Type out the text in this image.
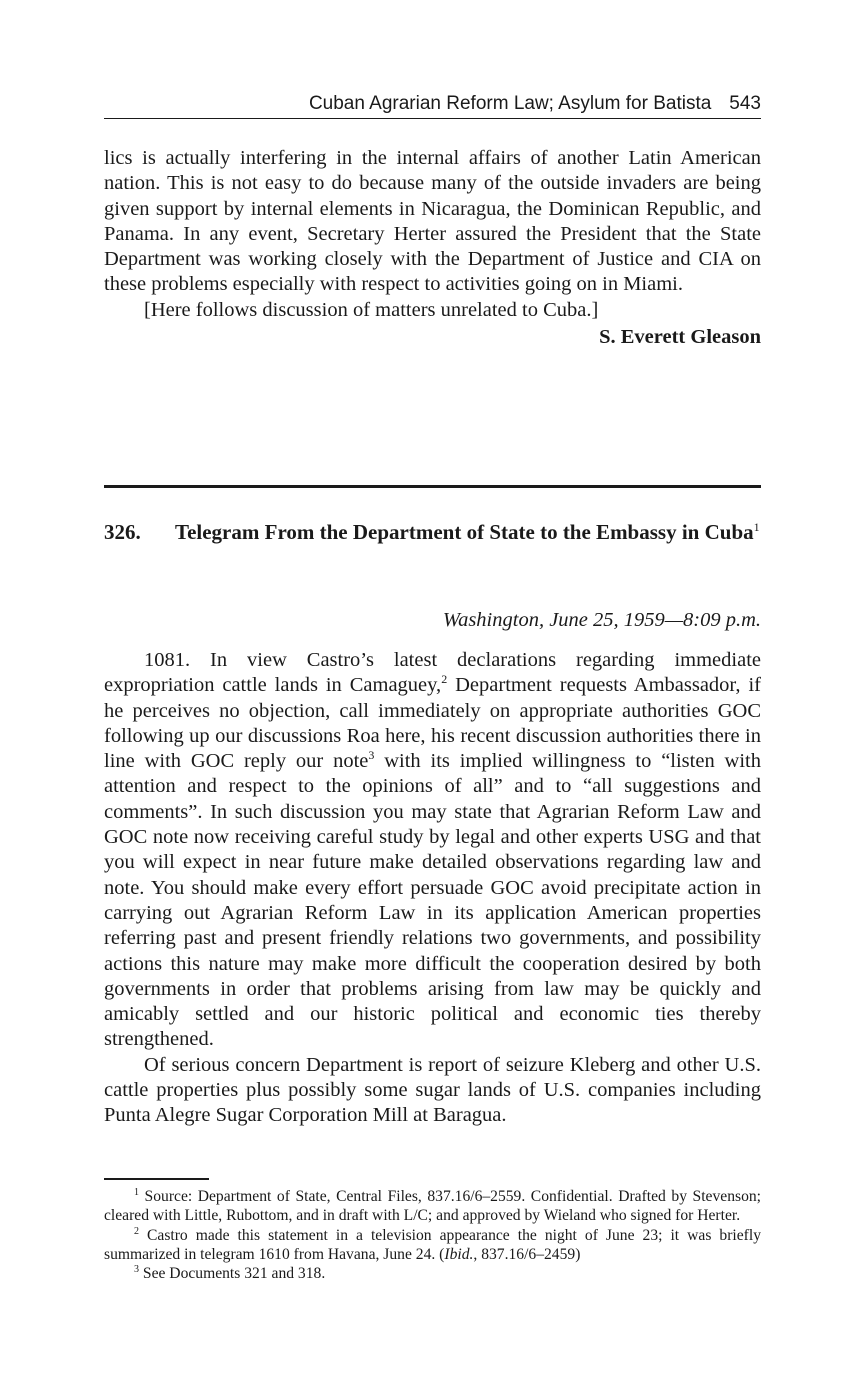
Cuban Agrarian Reform Law; Asylum for Batista 543

lics is actually interfering in the internal affairs of another Latin American nation. This is not easy to do because many of the outside invaders are being given support by internal elements in Nicaragua, the Dominican Republic, and Panama. In any event, Secretary Herter assured the President that the State Department was working closely with the Department of Justice and CIA on these problems especially with respect to activities going on in Miami.

[Here follows discussion of matters unrelated to Cuba.]

S. Everett Gleason
326. Telegram From the Department of State to the Embassy in Cuba$^1$
Washington, June 25, 1959—8:09 p.m.

1081. In view Castro’s latest declarations regarding immediate expropriation cattle lands in Camaguey,$^2$ Department requests Ambassador, if he perceives no objection, call immediately on appropriate authorities GOC following up our discussions Roa here, his recent discussion authorities there in line with GOC reply our note$^3$ with its implied willingness to “listen with attention and respect to the opinions of all” and to “all suggestions and comments”. In such discussion you may state that Agrarian Reform Law and GOC note now receiving careful study by legal and other experts USG and that you will expect in near future make detailed observations regarding law and note. You should make every effort persuade GOC avoid precipitate action in carrying out Agrarian Reform Law in its application American properties referring past and present friendly relations two governments, and possibility actions this nature may make more difficult the cooperation desired by both governments in order that problems arising from law may be quickly and amicably settled and our historic political and economic ties thereby strengthened.

Of serious concern Department is report of seizure Kleberg and other U.S. cattle properties plus possibly some sugar lands of U.S. companies including Punta Alegre Sugar Corporation Mill at Baragua.

$^1$ Source: Department of State, Central Files, 837.16/6–2559. Confidential. Drafted by Stevenson; cleared with Little, Rubottom, and in draft with L/C; and approved by Wieland who signed for Herter.

$^2$ Castro made this statement in a television appearance the night of June 23; it was briefly summarized in telegram 1610 from Havana, June 24. (Ibid., 837.16/6–2459)

$^3$ See Documents 321 and 318.
